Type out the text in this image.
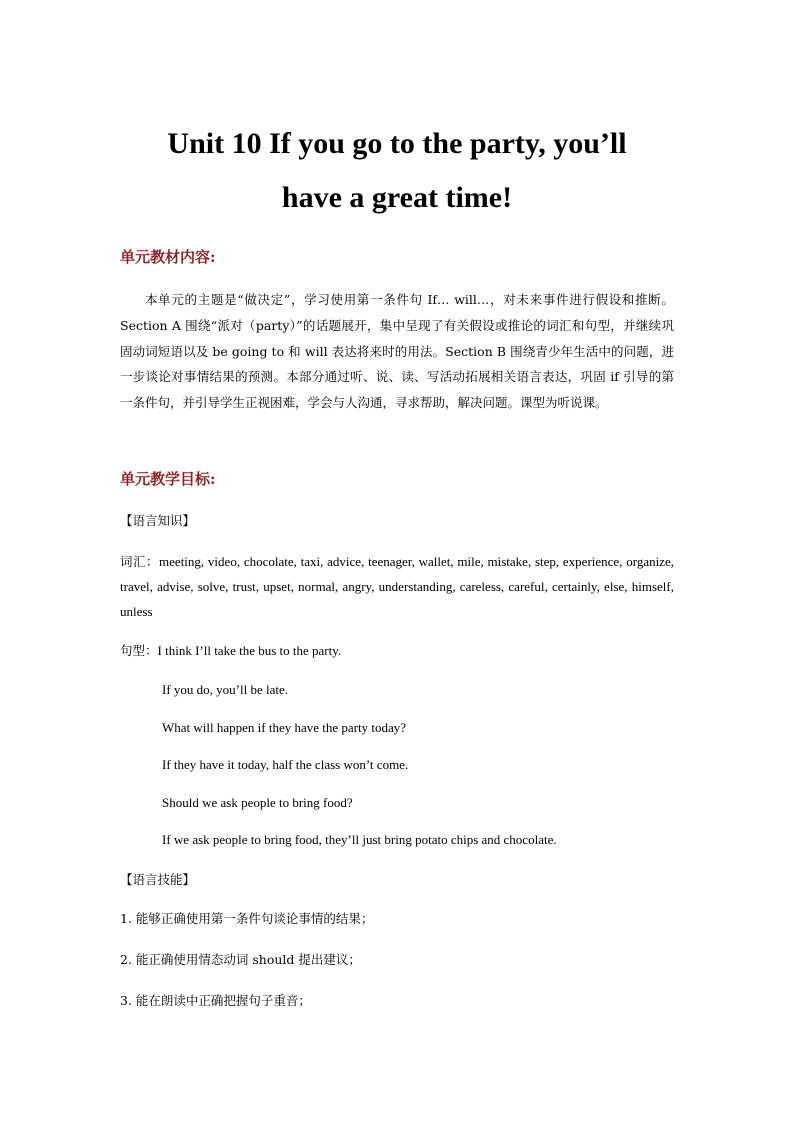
Unit 10 If you go to the party, you’ll
have a great time!
单元教材内容:
本单元的主题是“做决定”，学习使用第一条件句 If… will…，对未来事件进行假设和推断。Section A 围绕“派对（party）”的话题展开，集中呈现了有关假设或推论的词汇和句型，并继续巩固动词短语以及 be going to 和 will 表达将来时的用法。Section B 围绕青少年生活中的问题，进一步谈论对事情结果的预测。本部分通过听、说、读、写活动拓展相关语言表达，巩固 if 引导的第一条件句，并引导学生正视困难，学会与人沟通，寻求帮助，解决问题。课型为听说课。
单元教学目标:
【语言知识】
词汇：meeting, video, chocolate, taxi, advice, teenager, wallet, mile, mistake, step, experience, organize, travel, advise, solve, trust, upset, normal, angry, understanding, careless, careful, certainly, else, himself, unless
句型：I think I’ll take the bus to the party.
If you do, you’ll be late.
What will happen if they have the party today?
If they have it today, half the class won’t come.
Should we ask people to bring food?
If we ask people to bring food, they’ll just bring potato chips and chocolate.
【语言技能】
1. 能够正确使用第一条件句谈论事情的结果；
2. 能正确使用情态动词 should 提出建议；
3. 能在朗读中正确把握句子重音；
